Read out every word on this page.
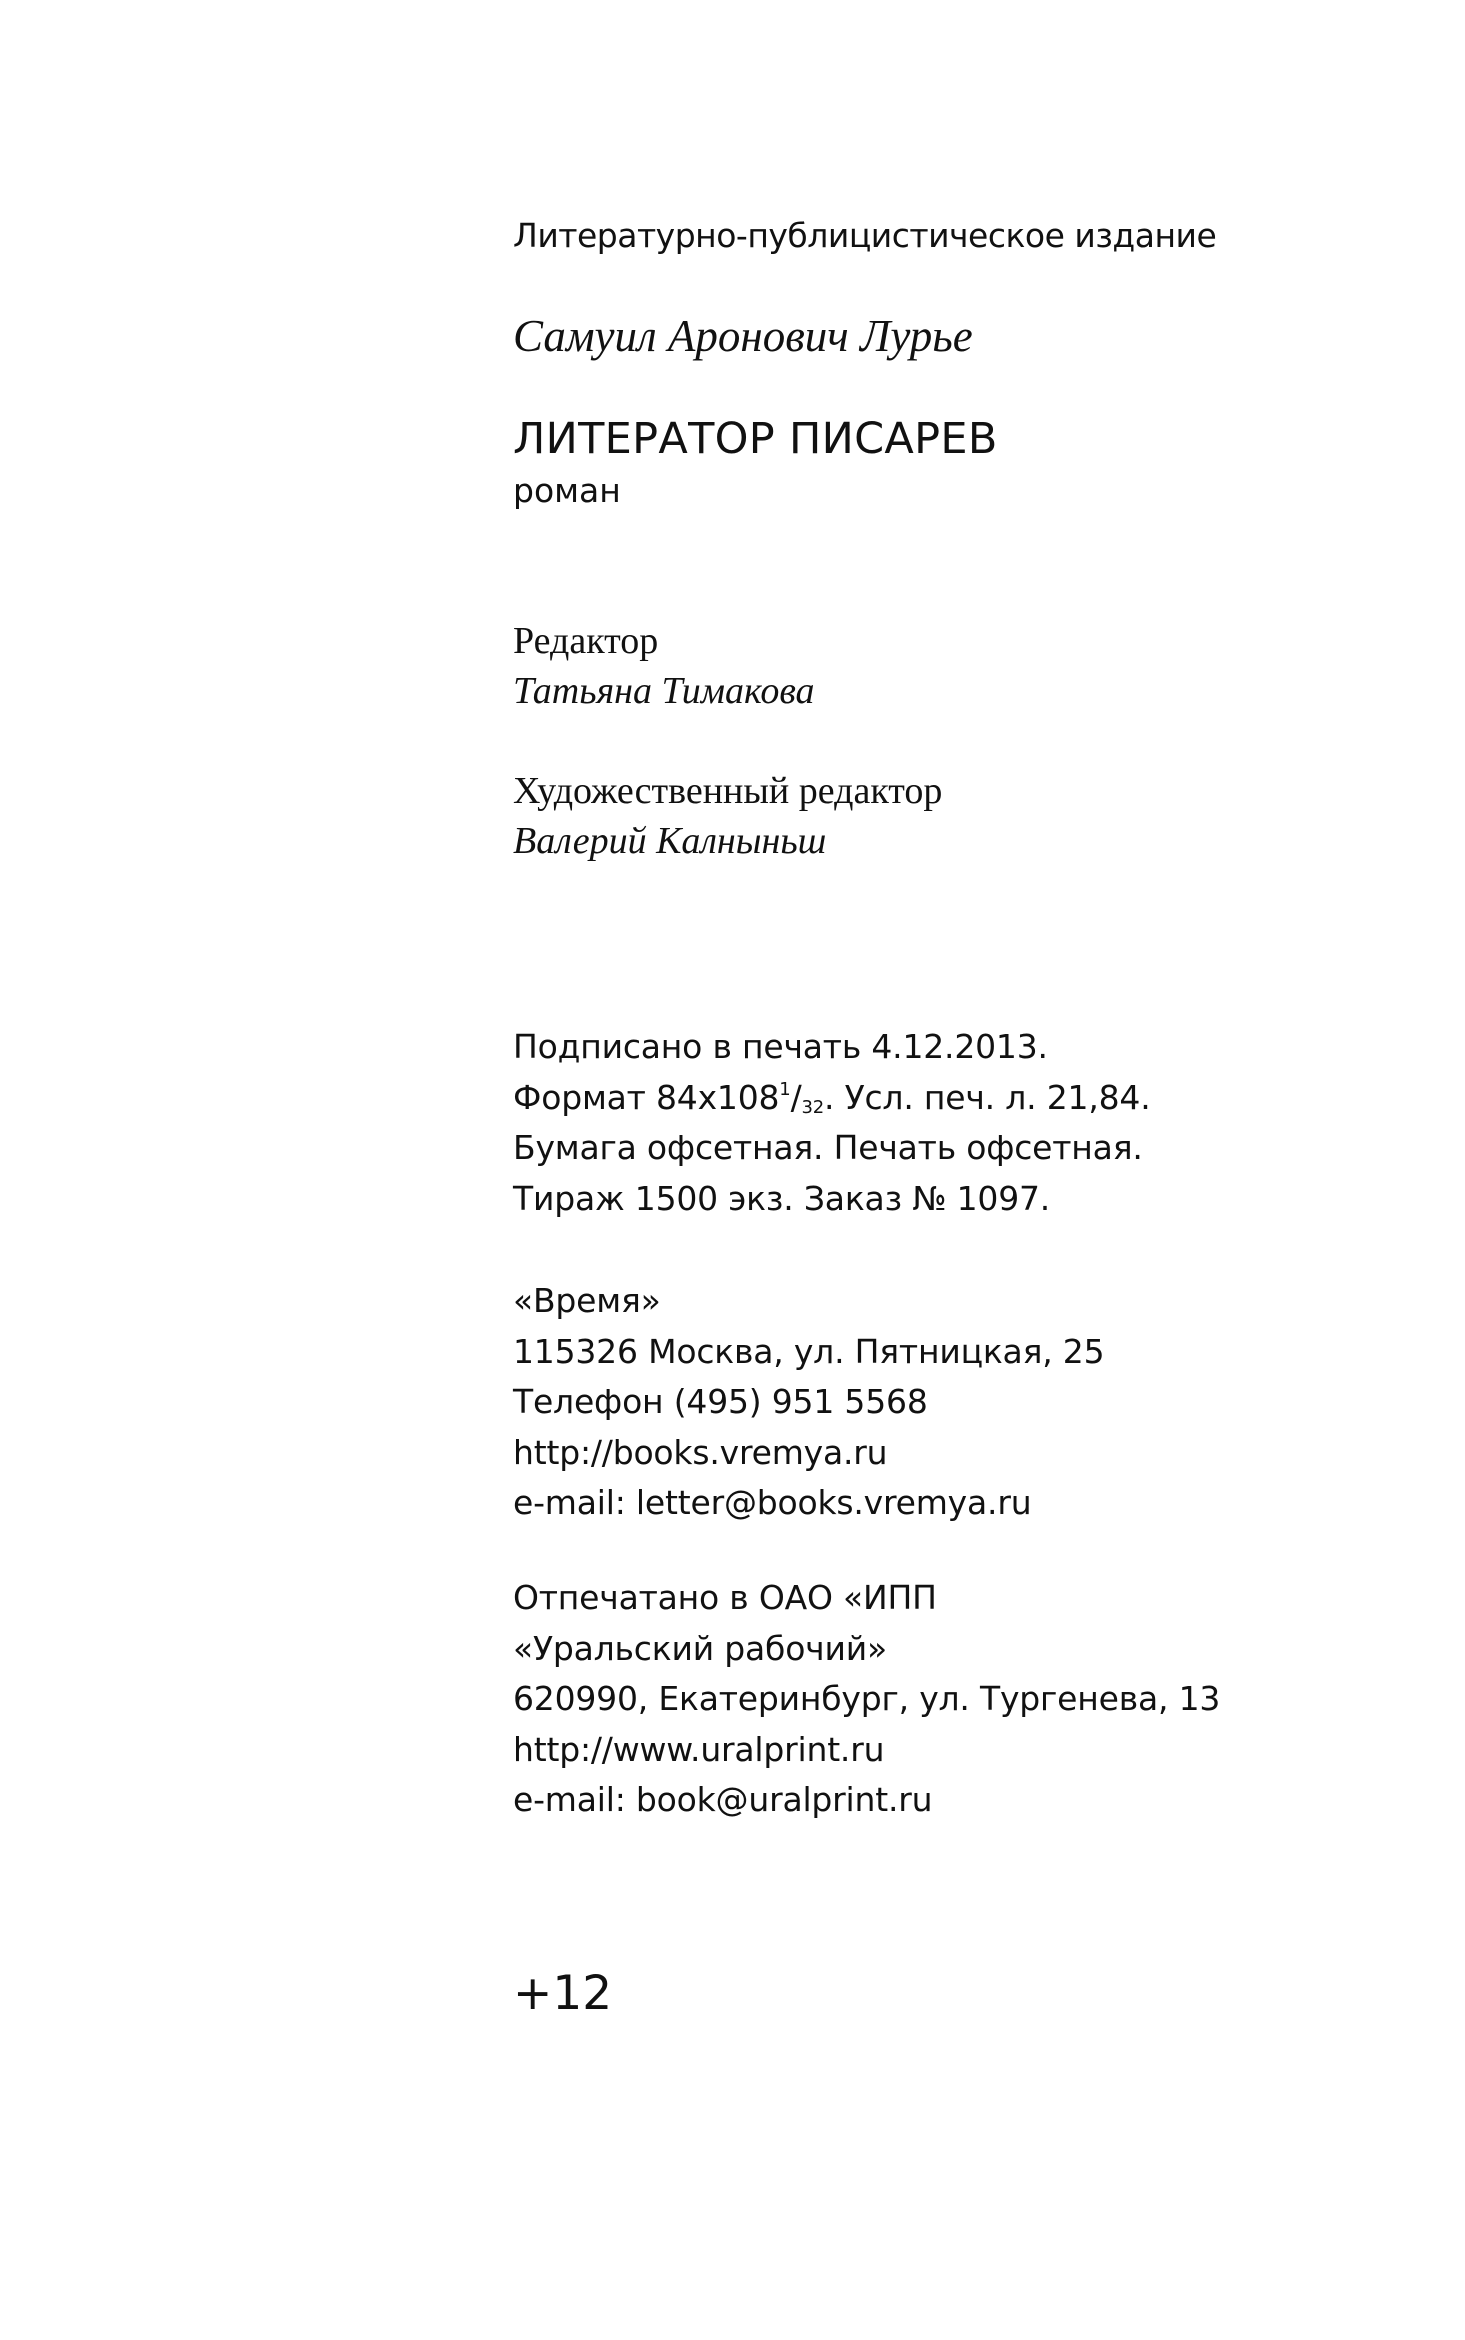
Литературно-публицистическое издание
Самуил Аронович Лурье
ЛИТЕРАТОР ПИСАРЕВ
роман
Редактор
Татьяна Тимакова
Художественный редактор
Валерий Калныньш
Подписано в печать 4.12.2013.
Формат $84х108^1/_{32}$. Усл. печ. л. 21,84.
Бумага офсетная. Печать офсетная.
Тираж 1500 экз. Заказ № 1097.
«Время»
115326 Москва, ул. Пятницкая, 25
Телефон (495) 951 5568
http://books.vremya.ru
e-mail: letter@books.vremya.ru
Отпечатано в ОАО «ИПП
«Уральский рабочий»
620990, Екатеринбург, ул. Тургенева, 13
http://www.uralprint.ru
e-mail: book@uralprint.ru
+12
